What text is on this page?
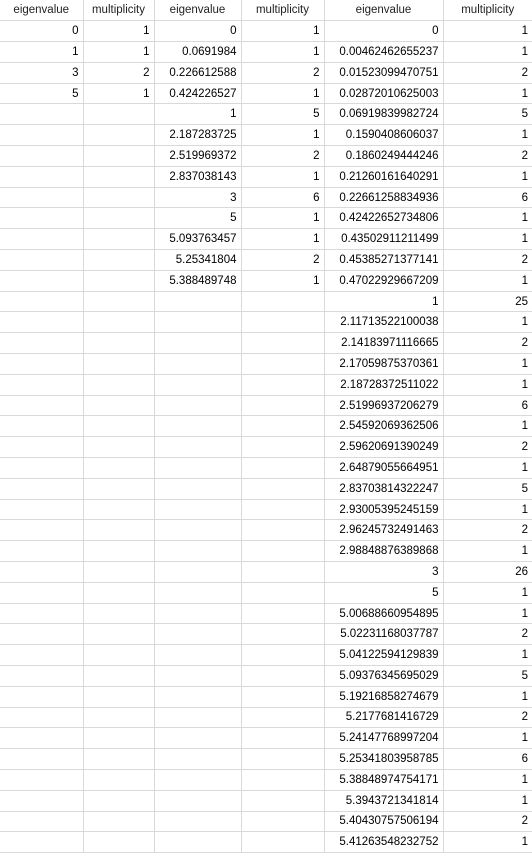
eigenvalue	multiplicity	eigenvalue	multiplicity	eigenvalue	multiplicity
0	1	0	1	0	1
1	1	0.0691984	1	0.00462462655237	1
3	2	0.226612588	2	0.01523099470751	2
5	1	0.424226527	1	0.02872010625003	1
		1	5	0.06919839982724	5
		2.187283725	1	0.1590408606037	1
		2.519969372	2	0.1860249444246	2
		2.837038143	1	0.21260161640291	1
		3	6	0.22661258834936	6
		5	1	0.42422652734806	1
		5.093763457	1	0.43502911211499	1
		5.25341804	2	0.45385271377141	2
		5.388489748	1	0.47022929667209	1
				1	25
				2.11713522100038	1
				2.14183971116665	2
				2.17059875370361	1
				2.18728372511022	1
				2.51996937206279	6
				2.54592069362506	1
				2.59620691390249	2
				2.64879055664951	1
				2.83703814322247	5
				2.93005395245159	1
				2.96245732491463	2
				2.98848876389868	1
				3	26
				5	1
				5.00688660954895	1
				5.02231168037787	2
				5.04122594129839	1
				5.09376345695029	5
				5.19216858274679	1
				5.2177681416729	2
				5.24147768997204	1
				5.25341803958785	6
				5.38848974754171	1
				5.3943721341814	1
				5.40430757506194	2
				5.41263548232752	1
